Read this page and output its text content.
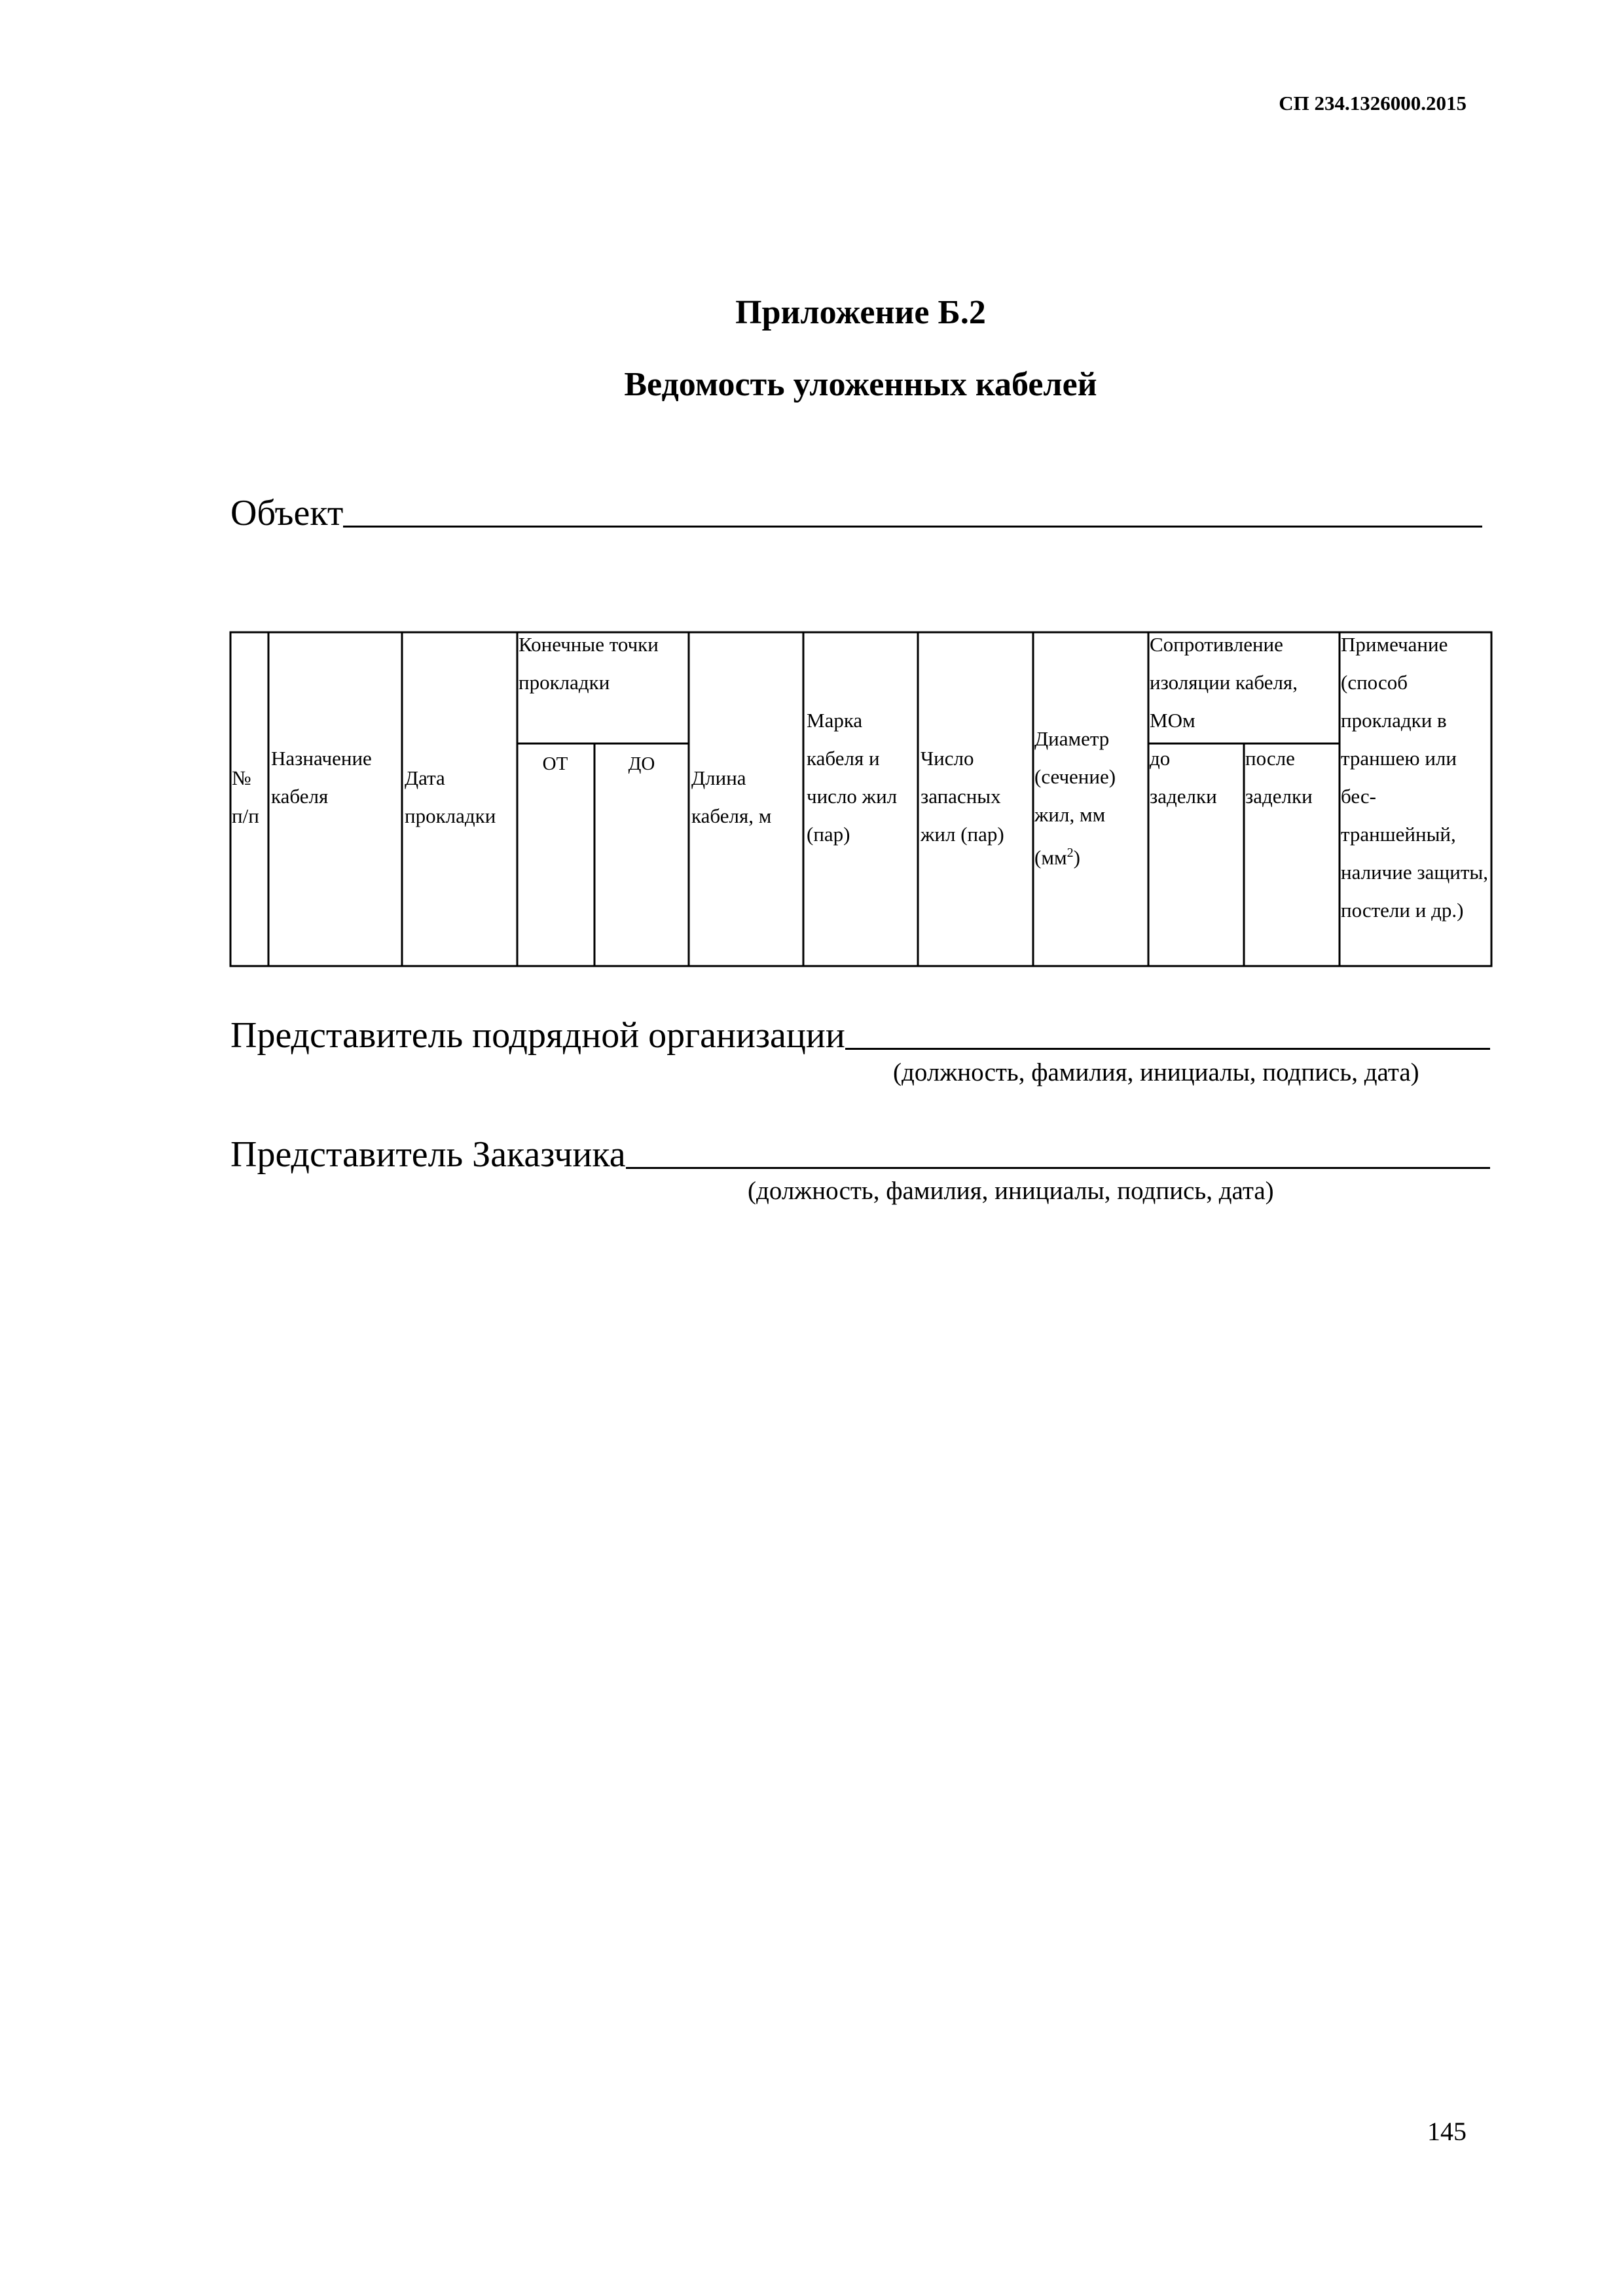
СП 234.1326000.2015
Приложение Б.2
Ведомость уложенных кабелей
Объект
№ п/п
Назначение кабеля
Дата прокладки
Конечные точки прокладки
ОТ	ДО
Длина кабеля, м
Марка кабеля и число жил (пар)
Число запасных жил (пар)
Диаметр (сечение) жил, мм $(мм^2)$
Сопротивление изоляции кабеля, МОм
до заделки
после заделки
Примечание (способ прокладки в траншею или бес-траншейный, наличие защиты, постели и др.)
Представитель подрядной организации
(должность, фамилия, инициалы, подпись, дата)
Представитель Заказчика
(должность, фамилия, инициалы, подпись, дата)
145
